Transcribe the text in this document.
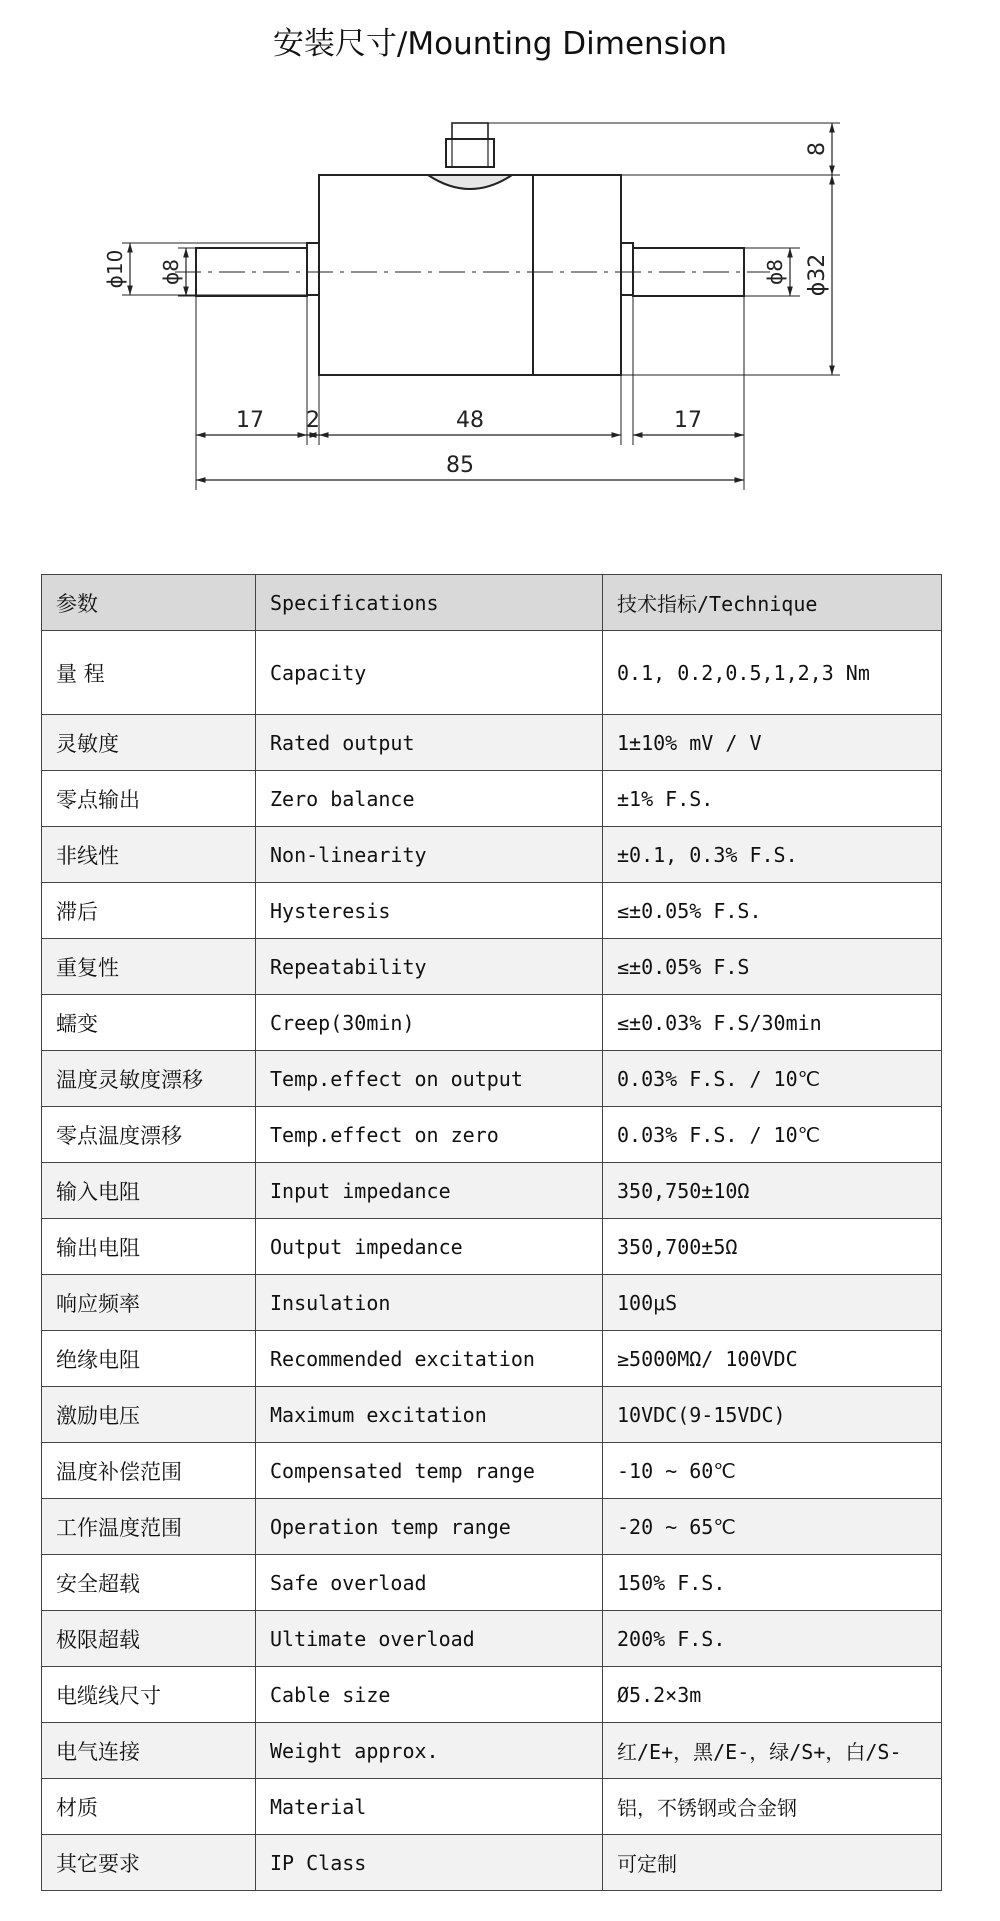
安装尺寸/Mounting Dimension
17 2	48	17
85
8
ϕ32
ϕ10 ϕ8	ϕ8
参数	Specifications	技术指标/Technique
量 程	Capacity	0.1, 0.2,0.5,1,2,3 Nm
灵敏度	Rated output	1±10% mV / V
零点输出	Zero balance	±1% F.S.
非线性	Non-linearity	±0.1, 0.3% F.S.
滞后	Hysteresis	≤±0.05% F.S.
重复性	Repeatability	≤±0.05% F.S
蠕变	Creep(30min)	≤±0.03% F.S/30min
温度灵敏度漂移	Temp.effect on output	0.03% F.S. / 10℃
零点温度漂移	Temp.effect on zero	0.03% F.S. / 10℃
输入电阻	Input impedance	350,750±10Ω
输出电阻	Output impedance	350,700±5Ω
响应频率	Insulation	100μS
绝缘电阻	Recommended excitation	≥5000MΩ/ 100VDC
激励电压	Maximum excitation	10VDC(9-15VDC)
温度补偿范围	Compensated temp range	-10 ~ 60℃
工作温度范围	Operation temp range	-20 ~ 65℃
安全超载	Safe overload	150% F.S.
极限超载	Ultimate overload	200% F.S.
电缆线尺寸	Cable size	Ø5.2×3m
电气连接	Weight approx.	红/E+，黑/E-，绿/S+，白/S-
材质	Material	铝，不锈钢或合金钢
其它要求	IP Class	可定制
